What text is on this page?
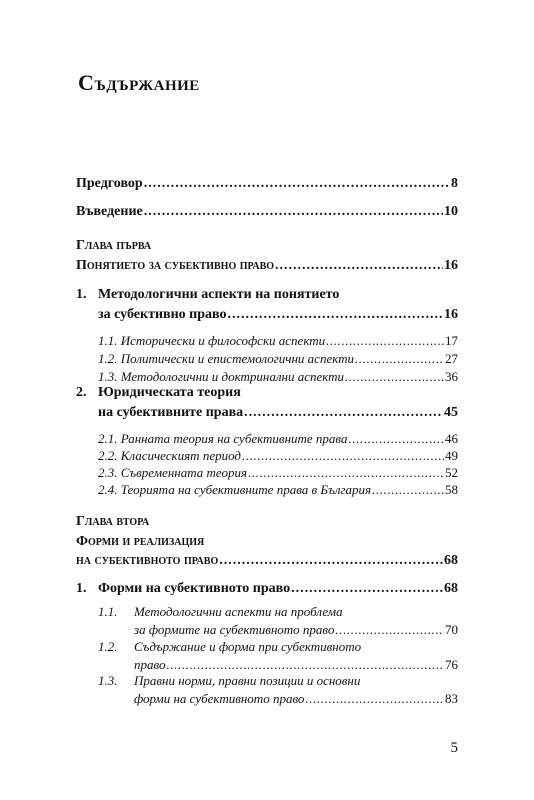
Съдържание
Предговор .....	8
Въведение .....	10
Глава първа
Понятието за субективно право .....	16
1. Методологични аспекти на понятието
за субективно право .....	16
1.1. Исторически и философски аспекти .....	17
1.2. Политически и епистемологични аспекти .....	27
1.3. Методологични и доктринални аспекти .....	36
2. Юридическата теория
на субективните права .....	45
2.1. Ранната теория на субективните права .....	46
2.2. Класическият период .....	49
2.3. Съвременната теория .....	52
2.4. Теорията на субективните права в България .....	58
Глава втора
Форми и реализация
на субективното право .....	68
1. Форми на субективното право .....	68
1.1.	Методологични аспекти на проблема
за формите на субективното право .....	70
1.2.	Съдържание и форма при субективното
право .....	76
1.3.	Правни норми, правни позиции и основни
форми на субективното право .....	83
5
